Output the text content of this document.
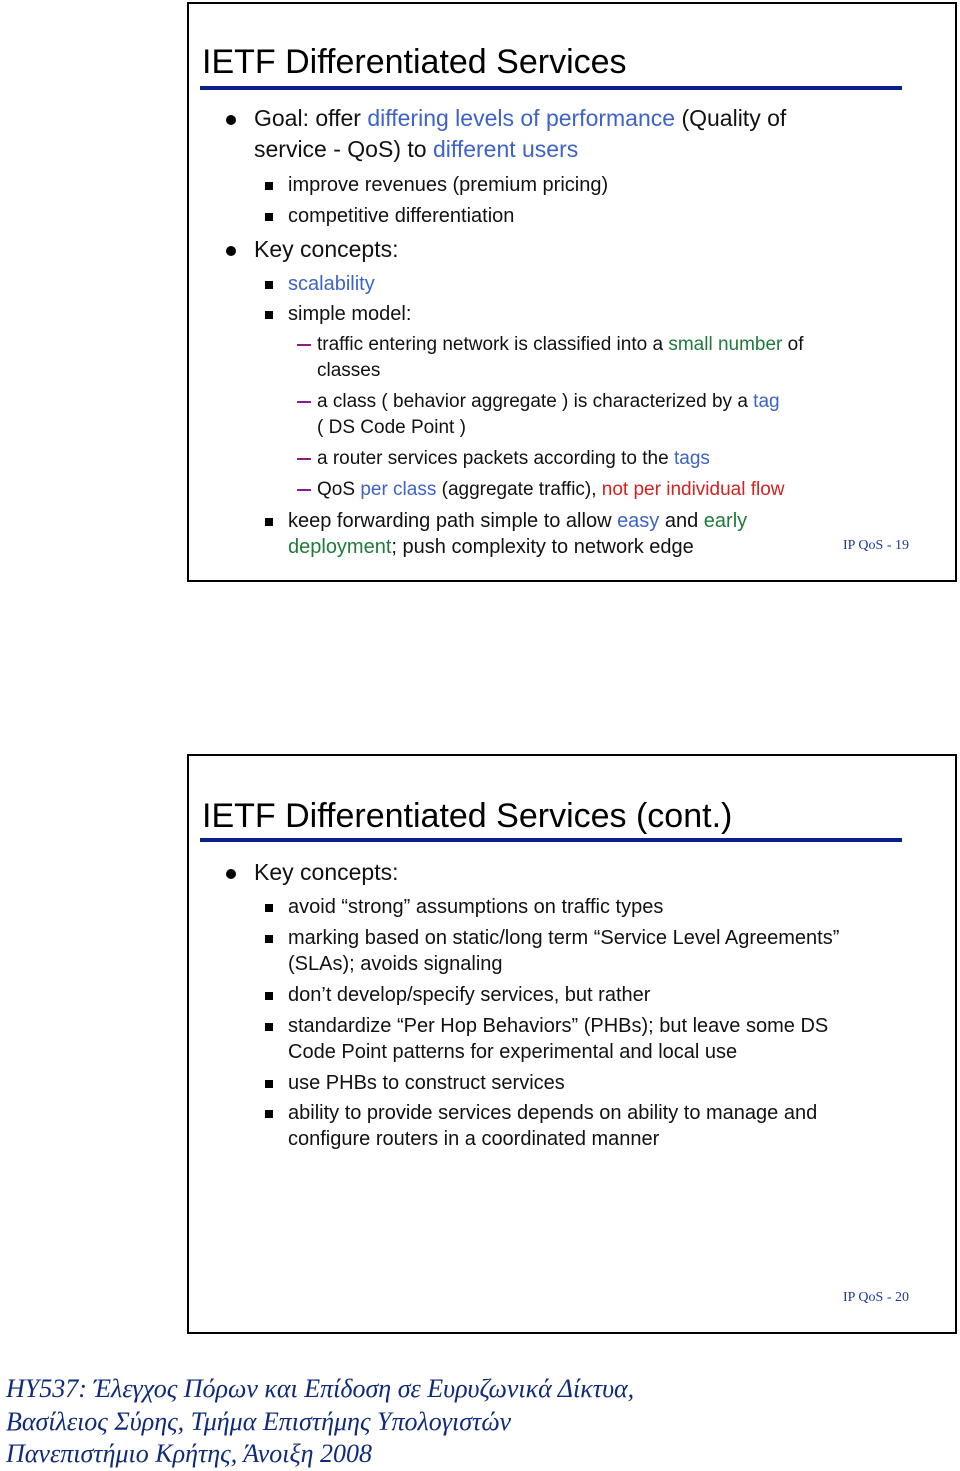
IETF Differentiated Services
Goal: offer differing levels of performance (Quality of
service - QoS) to different users
improve revenues (premium pricing)
competitive differentiation
Key concepts:
scalability
simple model:
traffic entering network is classified into a small number of
classes
a class ( behavior aggregate ) is characterized by a tag
( DS Code Point )
a router services packets according to the tags
QoS per class (aggregate traffic), not per individual flow
keep forwarding path simple to allow easy and early
deployment; push complexity to network edge	IP QoS - 19
IETF Differentiated Services (cont.)
Key concepts:
avoid “strong” assumptions on traffic types
marking based on static/long term “Service Level Agreements”
(SLAs); avoids signaling
don’t develop/specify services, but rather
standardize “Per Hop Behaviors” (PHBs); but leave some DS
Code Point patterns for experimental and local use
use PHBs to construct services
ability to provide services depends on ability to manage and
configure routers in a coordinated manner
IP QoS - 20
HY537: Έλεγχος Πόρων και Επίδοση σε Ευρυζωνικά Δίκτυα,
Βασίλειος Σύρης, Τμήμα Επιστήμης Υπολογιστών
Πανεπιστήμιο Κρήτης, Άνοιξη 2008
